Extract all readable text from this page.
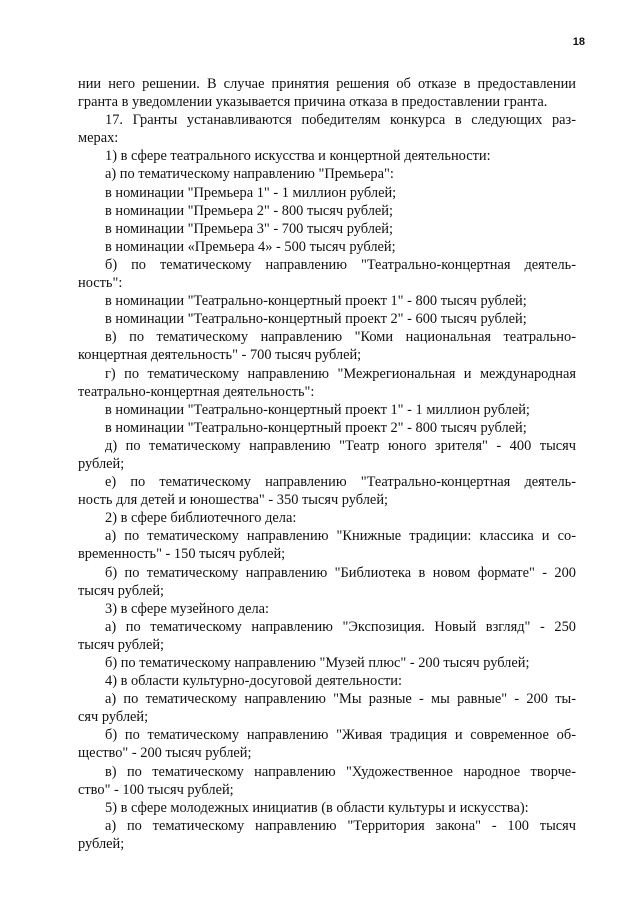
18
нии него решении. В случае принятия решения об отказе в предоставлении
гранта в уведомлении указывается причина отказа в предоставлении гранта.
17. Гранты устанавливаются победителям конкурса в следующих раз-
мерах:
1) в сфере театрального искусства и концертной деятельности:
а) по тематическому направлению "Премьера":
в номинации "Премьера 1" - 1 миллион рублей;
в номинации "Премьера 2" - 800 тысяч рублей;
в номинации "Премьера 3" - 700 тысяч рублей;
в номинации «Премьера 4» - 500 тысяч рублей;
б) по тематическому направлению "Театрально-концертная деятель-
ность":
в номинации "Театрально-концертный проект 1" - 800 тысяч рублей;
в номинации "Театрально-концертный проект 2" - 600 тысяч рублей;
в) по тематическому направлению "Коми национальная театрально-
концертная деятельность" - 700 тысяч рублей;
г) по тематическому направлению "Межрегиональная и международная
театрально-концертная деятельность":
в номинации "Театрально-концертный проект 1" - 1 миллион рублей;
в номинации "Театрально-концертный проект 2" - 800 тысяч рублей;
д) по тематическому направлению "Театр юного зрителя" - 400 тысяч
рублей;
е) по тематическому направлению "Театрально-концертная деятель-
ность для детей и юношества" - 350 тысяч рублей;
2) в сфере библиотечного дела:
а) по тематическому направлению "Книжные традиции: классика и со-
временность" - 150 тысяч рублей;
б) по тематическому направлению "Библиотека в новом формате" - 200
тысяч рублей;
3) в сфере музейного дела:
а) по тематическому направлению "Экспозиция. Новый взгляд" - 250
тысяч рублей;
б) по тематическому направлению "Музей плюс" - 200 тысяч рублей;
4) в области культурно-досуговой деятельности:
а) по тематическому направлению "Мы разные - мы равные" - 200 ты-
сяч рублей;
б) по тематическому направлению "Живая традиция и современное об-
щество" - 200 тысяч рублей;
в) по тематическому направлению "Художественное народное творче-
ство" - 100 тысяч рублей;
5) в сфере молодежных инициатив (в области культуры и искусства):
а) по тематическому направлению "Территория закона" - 100 тысяч
рублей;
